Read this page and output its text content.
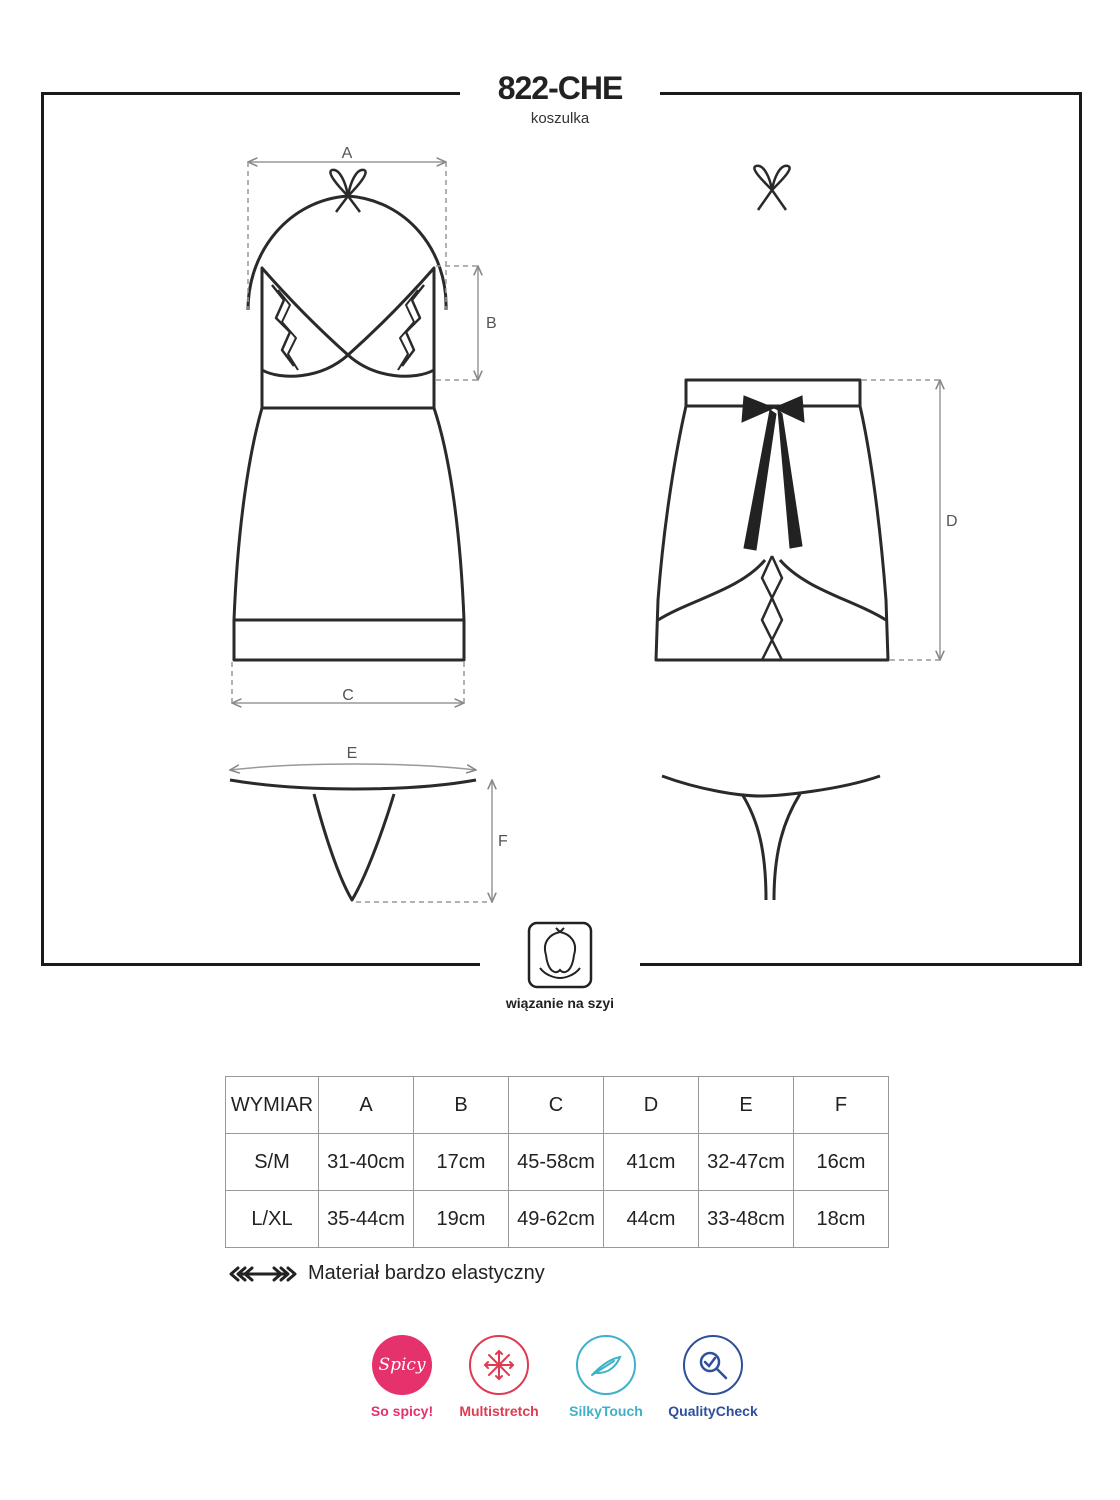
822-CHE
koszulka
A
B
C
D
E
F
wiązanie na szyi
WYMIAR	A	B	C	D	E	F
S/M	31-40cm	17cm	45-58cm	41cm	32-47cm	16cm
L/XL	35-44cm	19cm	49-62cm	44cm	33-48cm	18cm
Materiał bardzo elastyczny
Spicy
So spicy!	Multistretch	SilkyTouch	QualityCheck
